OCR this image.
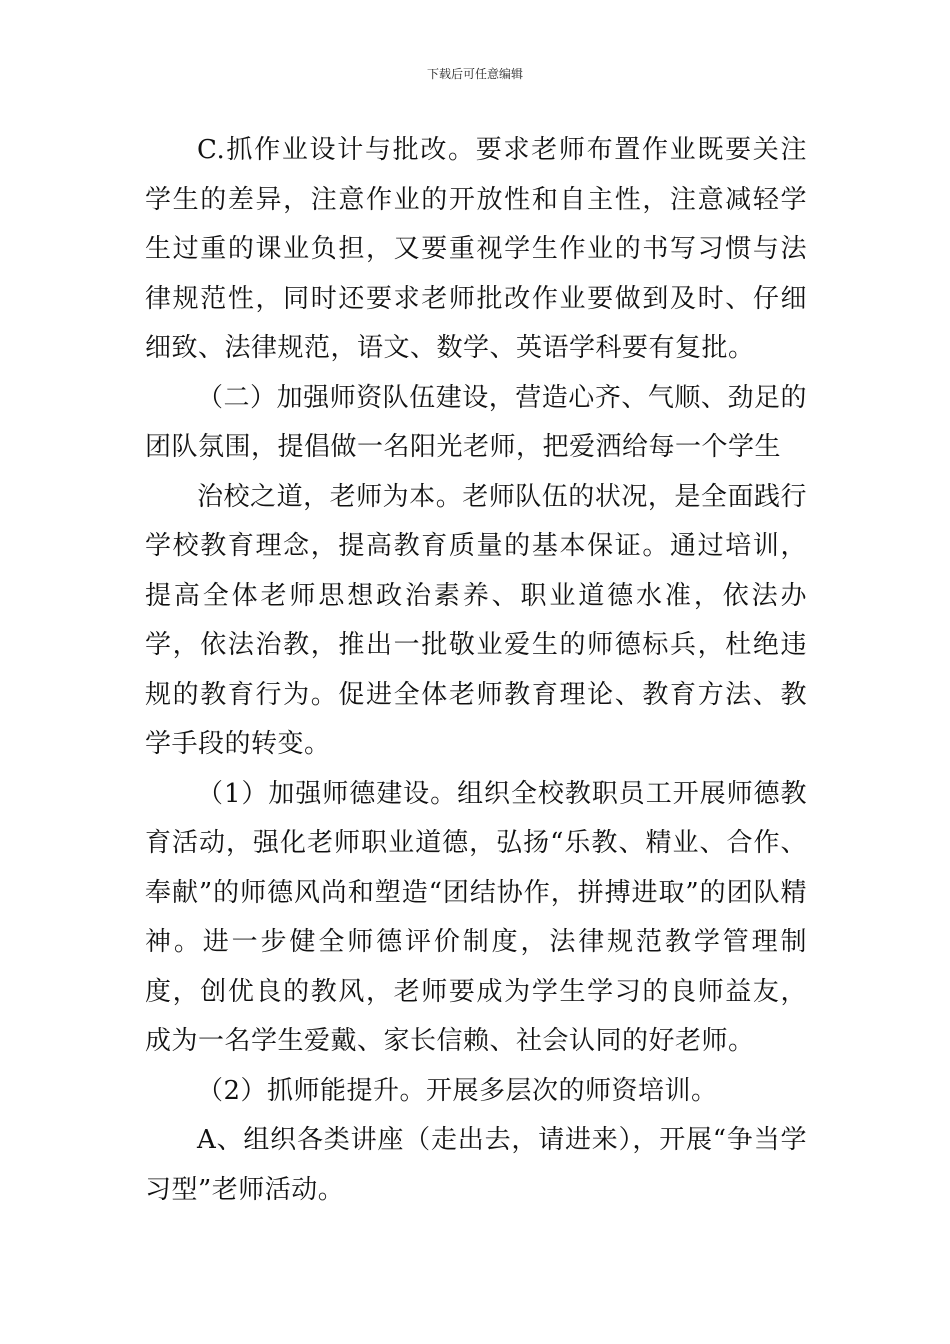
下载后可任意编辑

C.抓作业设计与批改。要求老师布置作业既要关注学生的差异，注意作业的开放性和自主性，注意减轻学生过重的课业负担，又要重视学生作业的书写习惯与法律规范性，同时还要求老师批改作业要做到及时、仔细细致、法律规范，语文、数学、英语学科要有复批。

（二）加强师资队伍建设，营造心齐、气顺、劲足的团队氛围，提倡做一名阳光老师，把爱洒给每一个学生

治校之道，老师为本。老师队伍的状况，是全面践行学校教育理念，提高教育质量的基本保证。通过培训，提高全体老师思想政治素养、职业道德水准，依法办学，依法治教，推出一批敬业爱生的师德标兵，杜绝违规的教育行为。促进全体老师教育理论、教育方法、教学手段的转变。

（1）加强师德建设。组织全校教职员工开展师德教育活动，强化老师职业道德，弘扬“乐教、精业、合作、奉献”的师德风尚和塑造“团结协作，拼搏进取”的团队精神。进一步健全师德评价制度，法律规范教学管理制度，创优良的教风，老师要成为学生学习的良师益友，成为一名学生爱戴、家长信赖、社会认同的好老师。

（2）抓师能提升。开展多层次的师资培训。

A、组织各类讲座（走出去，请进来），开展“争当学习型”老师活动。
